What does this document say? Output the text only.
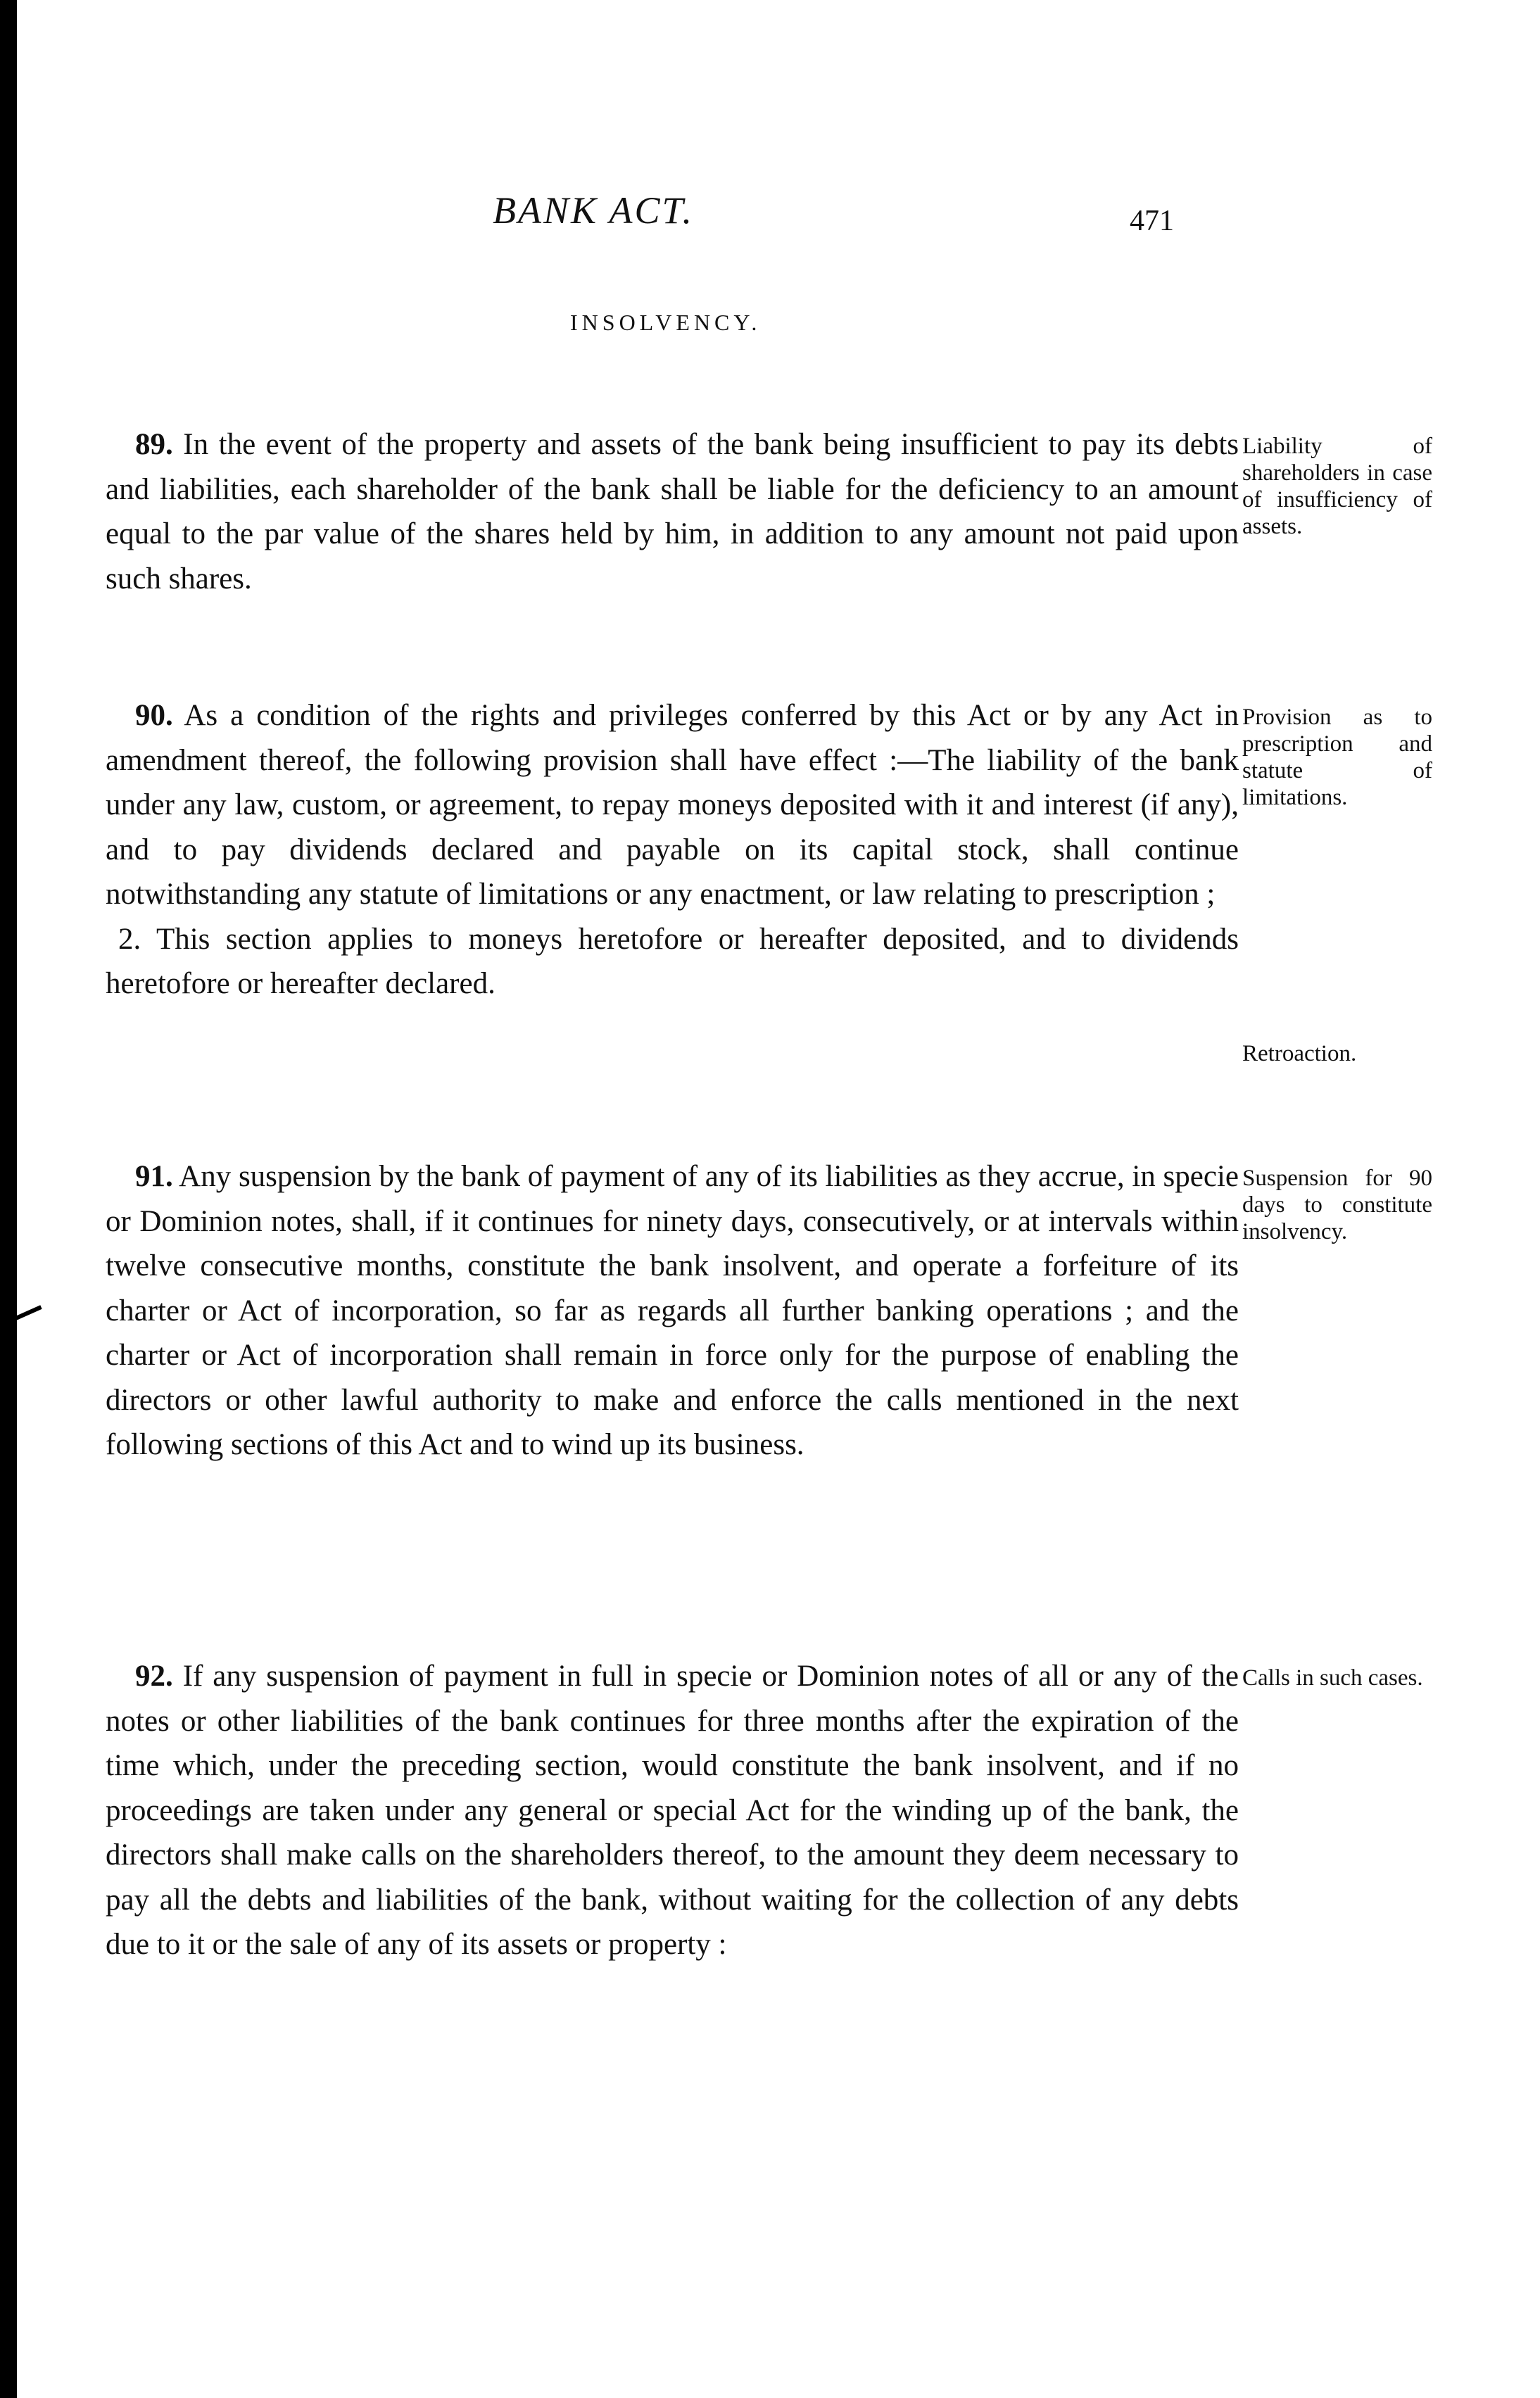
BANK ACT.	471
INSOLVENCY.

89. In the event of the property and assets of the bank being insufficient to pay its debts and liabilities, each shareholder of the bank shall be liable for the deficiency to an amount equal to the par value of the shares held by him, in addition to any amount not paid upon such shares.

Liability of shareholders in case of insufficiency of assets.

90. As a condition of the rights and privileges conferred by this Act or by any Act in amendment thereof, the following provision shall have effect :—The liability of the bank under any law, custom, or agreement, to repay moneys deposited with it and interest (if any), and to pay dividends declared and payable on its capital stock, shall continue notwithstanding any statute of limitations or any enactment, or law relating to prescription ;

2. This section applies to moneys heretofore or hereafter deposited, and to dividends heretofore or hereafter declared.

Provision as to prescription and statute of limitations.
Retroaction.

91. Any suspension by the bank of payment of any of its liabilities as they accrue, in specie or Dominion notes, shall, if it continues for ninety days, consecutively, or at intervals within twelve consecutive months, constitute the bank insolvent, and operate a forfeiture of its charter or Act of incorporation, so far as regards all further banking operations ; and the charter or Act of incorporation shall remain in force only for the purpose of enabling the directors or other lawful authority to make and enforce the calls mentioned in the next following sections of this Act and to wind up its business.

Suspension for 90 days to constitute insolvency.

92. If any suspension of payment in full in specie or Dominion notes of all or any of the notes or other liabilities of the bank continues for three months after the expiration of the time which, under the preceding section, would constitute the bank insolvent, and if no proceedings are taken under any general or special Act for the winding up of the bank, the directors shall make calls on the shareholders thereof, to the amount they deem necessary to pay all the debts and liabilities of the bank, without waiting for the collection of any debts due to it or the sale of any of its assets or property :

Calls in such cases.
